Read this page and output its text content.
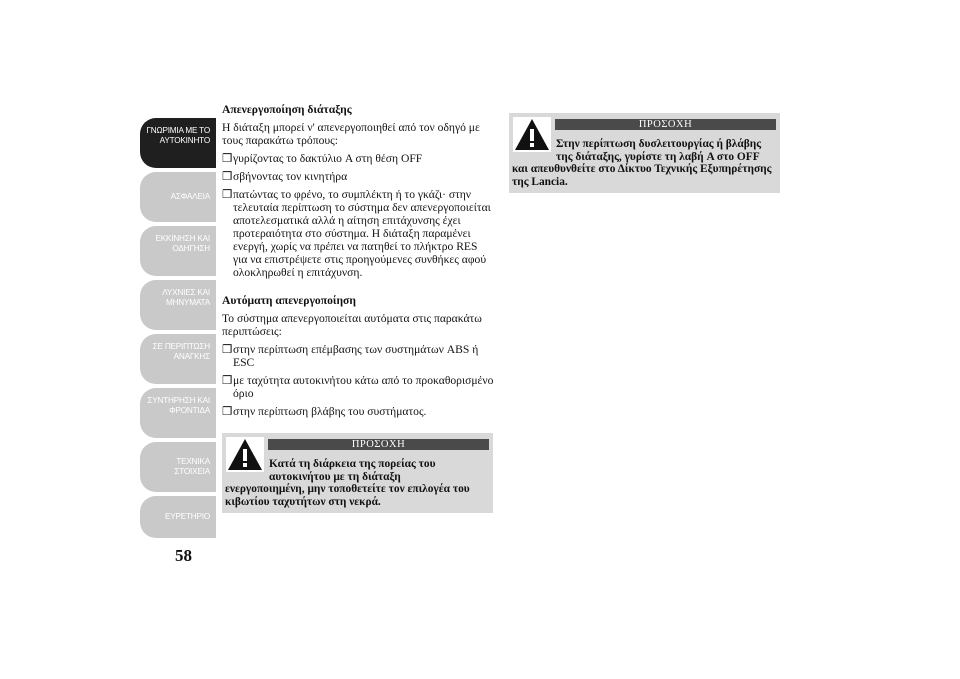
ΓΝΩΡΙΜΙΑ ΜΕ ΤΟ
ΑΥΤΟΚΙΝΗΤΟ
ΑΣΦΑΛΕΙΑ
ΕΚΚΙΝΗΣΗ ΚΑΙ
ΟΔΗΓΗΣΗ
ΛΥΧΝΙΕΣ ΚΑΙ
ΜΗΝΥΜΑΤΑ
ΣΕ ΠΕΡΙΠΤΩΣΗ
ΑΝΑΓΚΗΣ
ΣΥΝΤΗΡΗΣΗ ΚΑΙ
ΦΡΟΝΤΙΔΑ
ΤΕΧΝΙΚΑ ΣΤΟΙΧΕΙΑ
ΕΥΡΕΤΗΡΙΟ
58

Απενεργοποίηση διάταξης

Η διάταξη μπορεί ν' απενεργοποιηθεί από τον οδηγό με τους παρακάτω τρόπους:

❒ γυρίζοντας το δακτύλιο A στη θέση OFF

❒ σβήνοντας τον κινητήρα

❒ πατώντας το φρένο, το συμπλέκτη ή το γκάζι· στην τελευταία περίπτωση το σύστημα δεν απενεργοποιείται αποτελεσματικά αλλά η αίτηση επιτάχυνσης έχει προτεραιότητα στο σύστημα. Η διάταξη παραμένει ενεργή, χωρίς να πρέπει να πατηθεί το πλήκτρο RES για να επιστρέψετε στις προηγούμενες συνθήκες αφού ολοκληρωθεί η επιτάχυνση.

Αυτόματη απενεργοποίηση

Το σύστημα απενεργοποιείται αυτόματα στις παρακάτω περιπτώσεις:

❒ στην περίπτωση επέμβασης των συστημάτων ABS ή ESC

❒ με ταχύτητα αυτοκινήτου κάτω από το προκαθορισμένο όριο

❒ στην περίπτωση βλάβης του συστήματος.

ΠΡΟΣΟΧΗ
Κατά τη διάρκεια της πορείας του
αυτοκινήτου με τη διάταξη
ενεργοποιημένη, μην τοποθετείτε τον επιλογέα του κιβωτίου ταχυτήτων στη νεκρά.
ΠΡΟΣΟΧΗ
Στην περίπτωση δυσλειτουργίας ή βλάβης
της διάταξης, γυρίστε τη λαβή A στο OFF
και απευθυνθείτε στο Δίκτυο Τεχνικής Εξυπηρέτησης της Lancia.
